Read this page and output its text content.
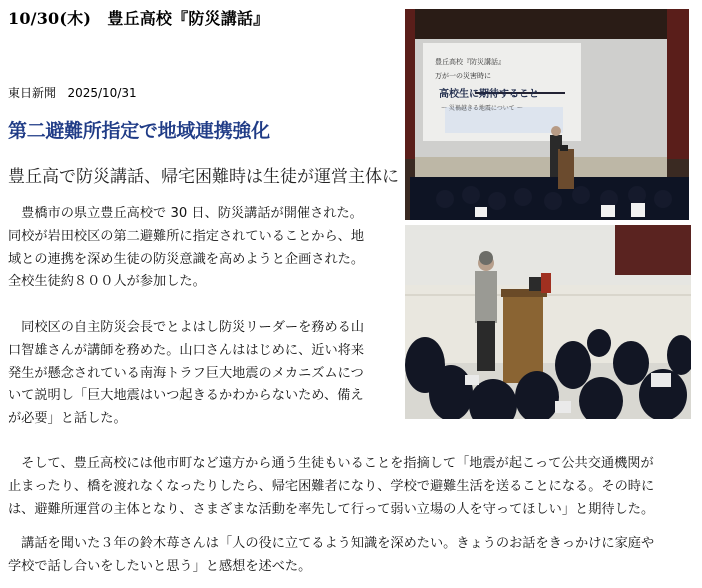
10/30(木)　豊丘高校『防災講話』
東日新聞 2025/10/31
第二避難所指定で地域連携強化
豊丘高で防災講話、帰宅困難時は生徒が運営主体に
　豊橋市の県立豊丘高校で 30 日、防災講話が開催された。
同校が岩田校区の第二避難所に指定されていることから、地
域との連携を深め生徒の防災意識を高めようと企画された。
全校生徒約８００人が参加した。
　同校区の自主防災会長でとよはし防災リーダーを務める山
口智雄さんが講師を務めた。山口さんははじめに、近い将来
発生が懸念されている南海トラフ巨大地震のメカニズムにつ
いて説明し「巨大地震はいつ起きるかわからないため、備え
が必要」と話した。
　そして、豊丘高校には他市町など遠方から通う生徒もいることを指摘して「地震が起こって公共交通機関が
止まったり、橋を渡れなくなったりしたら、帰宅困難者になり、学校で避難生活を送ることになる。その時に
は、避難所運営の主体となり、さまざまな活動を率先して行って弱い立場の人を守ってほしい」と期待した。
　講話を聞いた３年の鈴木苺さんは「人の役に立てるよう知識を深めたい。きょうのお話をきっかけに家庭や
学校で話し合いをしたいと思う」と感想を述べた。
豊丘高校『防災講話』
万が一の災害時に
高校生に期待すること
～ 災禍越きる地震について ～
